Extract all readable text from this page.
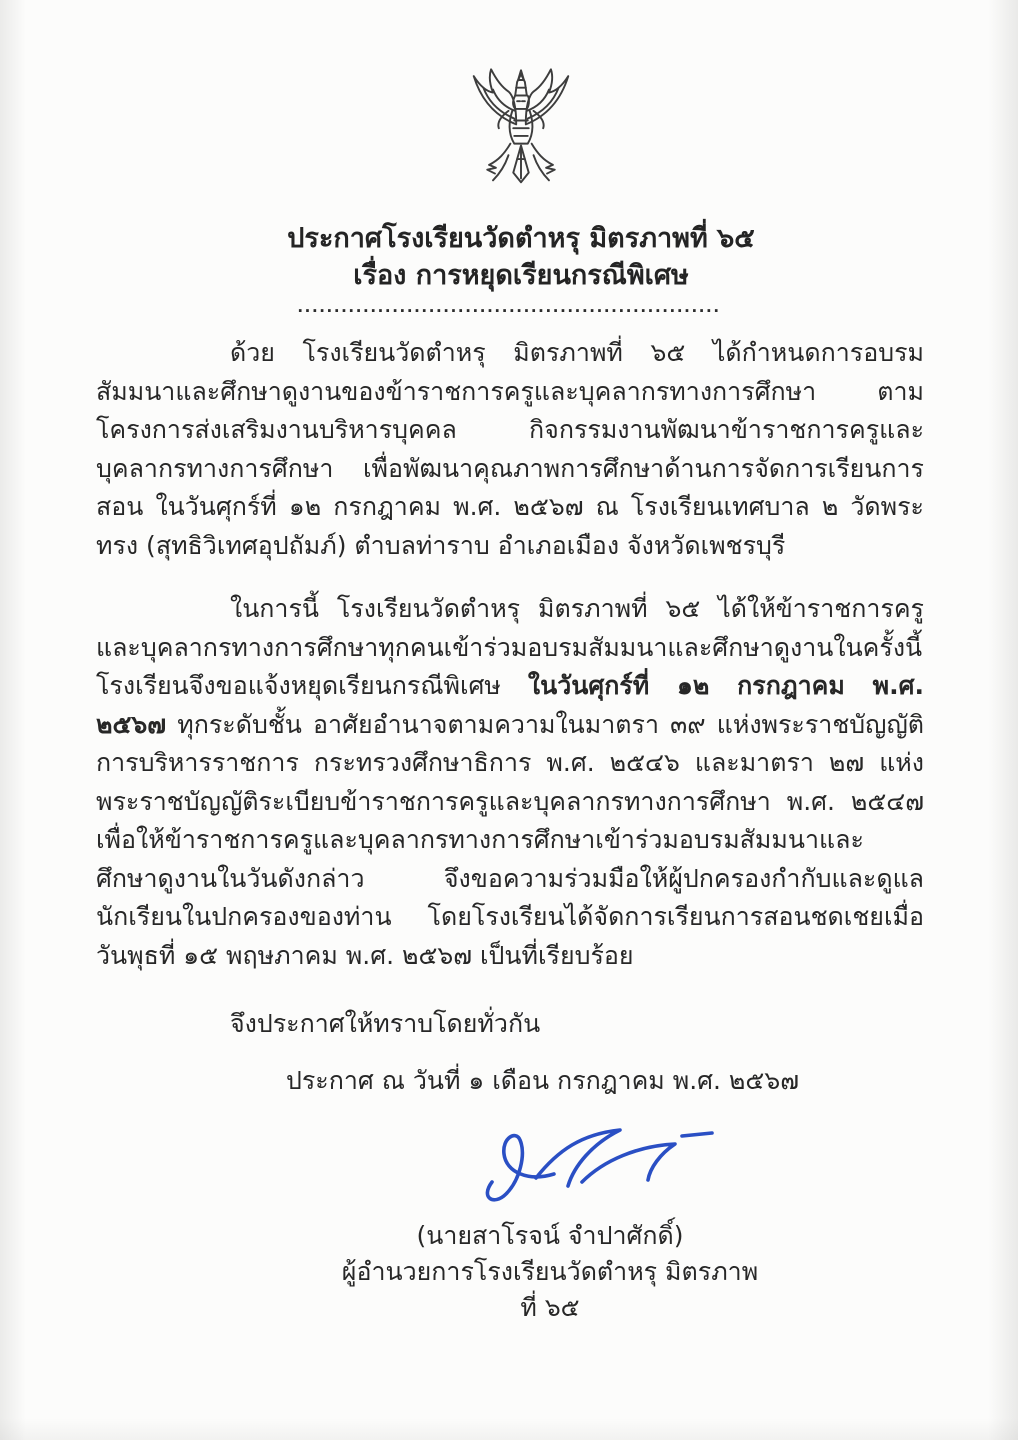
ประกาศโรงเรียนวัดตำหรุ มิตรภาพที่ ๖๕
เรื่อง การหยุดเรียนกรณีพิเศษ
..........................................................

ด้วย โรงเรียนวัดตำหรุ มิตรภาพที่ ๖๕ ได้กำหนดการอบรมสัมมนาและศึกษาดูงานของข้าราชการครูและบุคลากรทางการศึกษา ตามโครงการส่งเสริมงานบริหารบุคคล กิจกรรมงานพัฒนาข้าราชการครูและบุคลากรทางการศึกษา เพื่อพัฒนาคุณภาพการศึกษาด้านการจัดการเรียนการสอน ในวันศุกร์ที่ ๑๒ กรกฎาคม พ.ศ. ๒๕๖๗ ณ โรงเรียนเทศบาล ๒ วัดพระทรง (สุทธิวิเทศอุปถัมภ์) ตำบลท่าราบ อำเภอเมือง จังหวัดเพชรบุรี

ในการนี้ โรงเรียนวัดตำหรุ มิตรภาพที่ ๖๕ ได้ให้ข้าราชการครูและบุคลากรทางการศึกษาทุกคนเข้าร่วมอบรมสัมมนาและศึกษาดูงานในครั้งนี้ โรงเรียนจึงขอแจ้งหยุดเรียนกรณีพิเศษ ในวันศุกร์ที่ ๑๒ กรกฎาคม พ.ศ. ๒๕๖๗ ทุกระดับชั้น อาศัยอำนาจตามความในมาตรา ๓๙ แห่งพระราชบัญญัติการบริหารราชการ กระทรวงศึกษาธิการ พ.ศ. ๒๕๔๖ และมาตรา ๒๗ แห่งพระราชบัญญัติระเบียบข้าราชการครูและบุคลากรทางการศึกษา พ.ศ. ๒๕๔๗ เพื่อให้ข้าราชการครูและบุคลากรทางการศึกษาเข้าร่วมอบรมสัมมนาและศึกษาดูงานในวันดังกล่าว จึงขอความร่วมมือให้ผู้ปกครองกำกับและดูแลนักเรียนในปกครองของท่าน โดยโรงเรียนได้จัดการเรียนการสอนชดเชยเมื่อวันพุธที่ ๑๕ พฤษภาคม พ.ศ. ๒๕๖๗ เป็นที่เรียบร้อย

จึงประกาศให้ทราบโดยทั่วกัน

ประกาศ ณ วันที่ ๑ เดือน กรกฎาคม พ.ศ. ๒๕๖๗

(นายสาโรจน์ จำปาศักดิ์)
ผู้อำนวยการโรงเรียนวัดตำหรุ มิตรภาพที่ ๖๕
